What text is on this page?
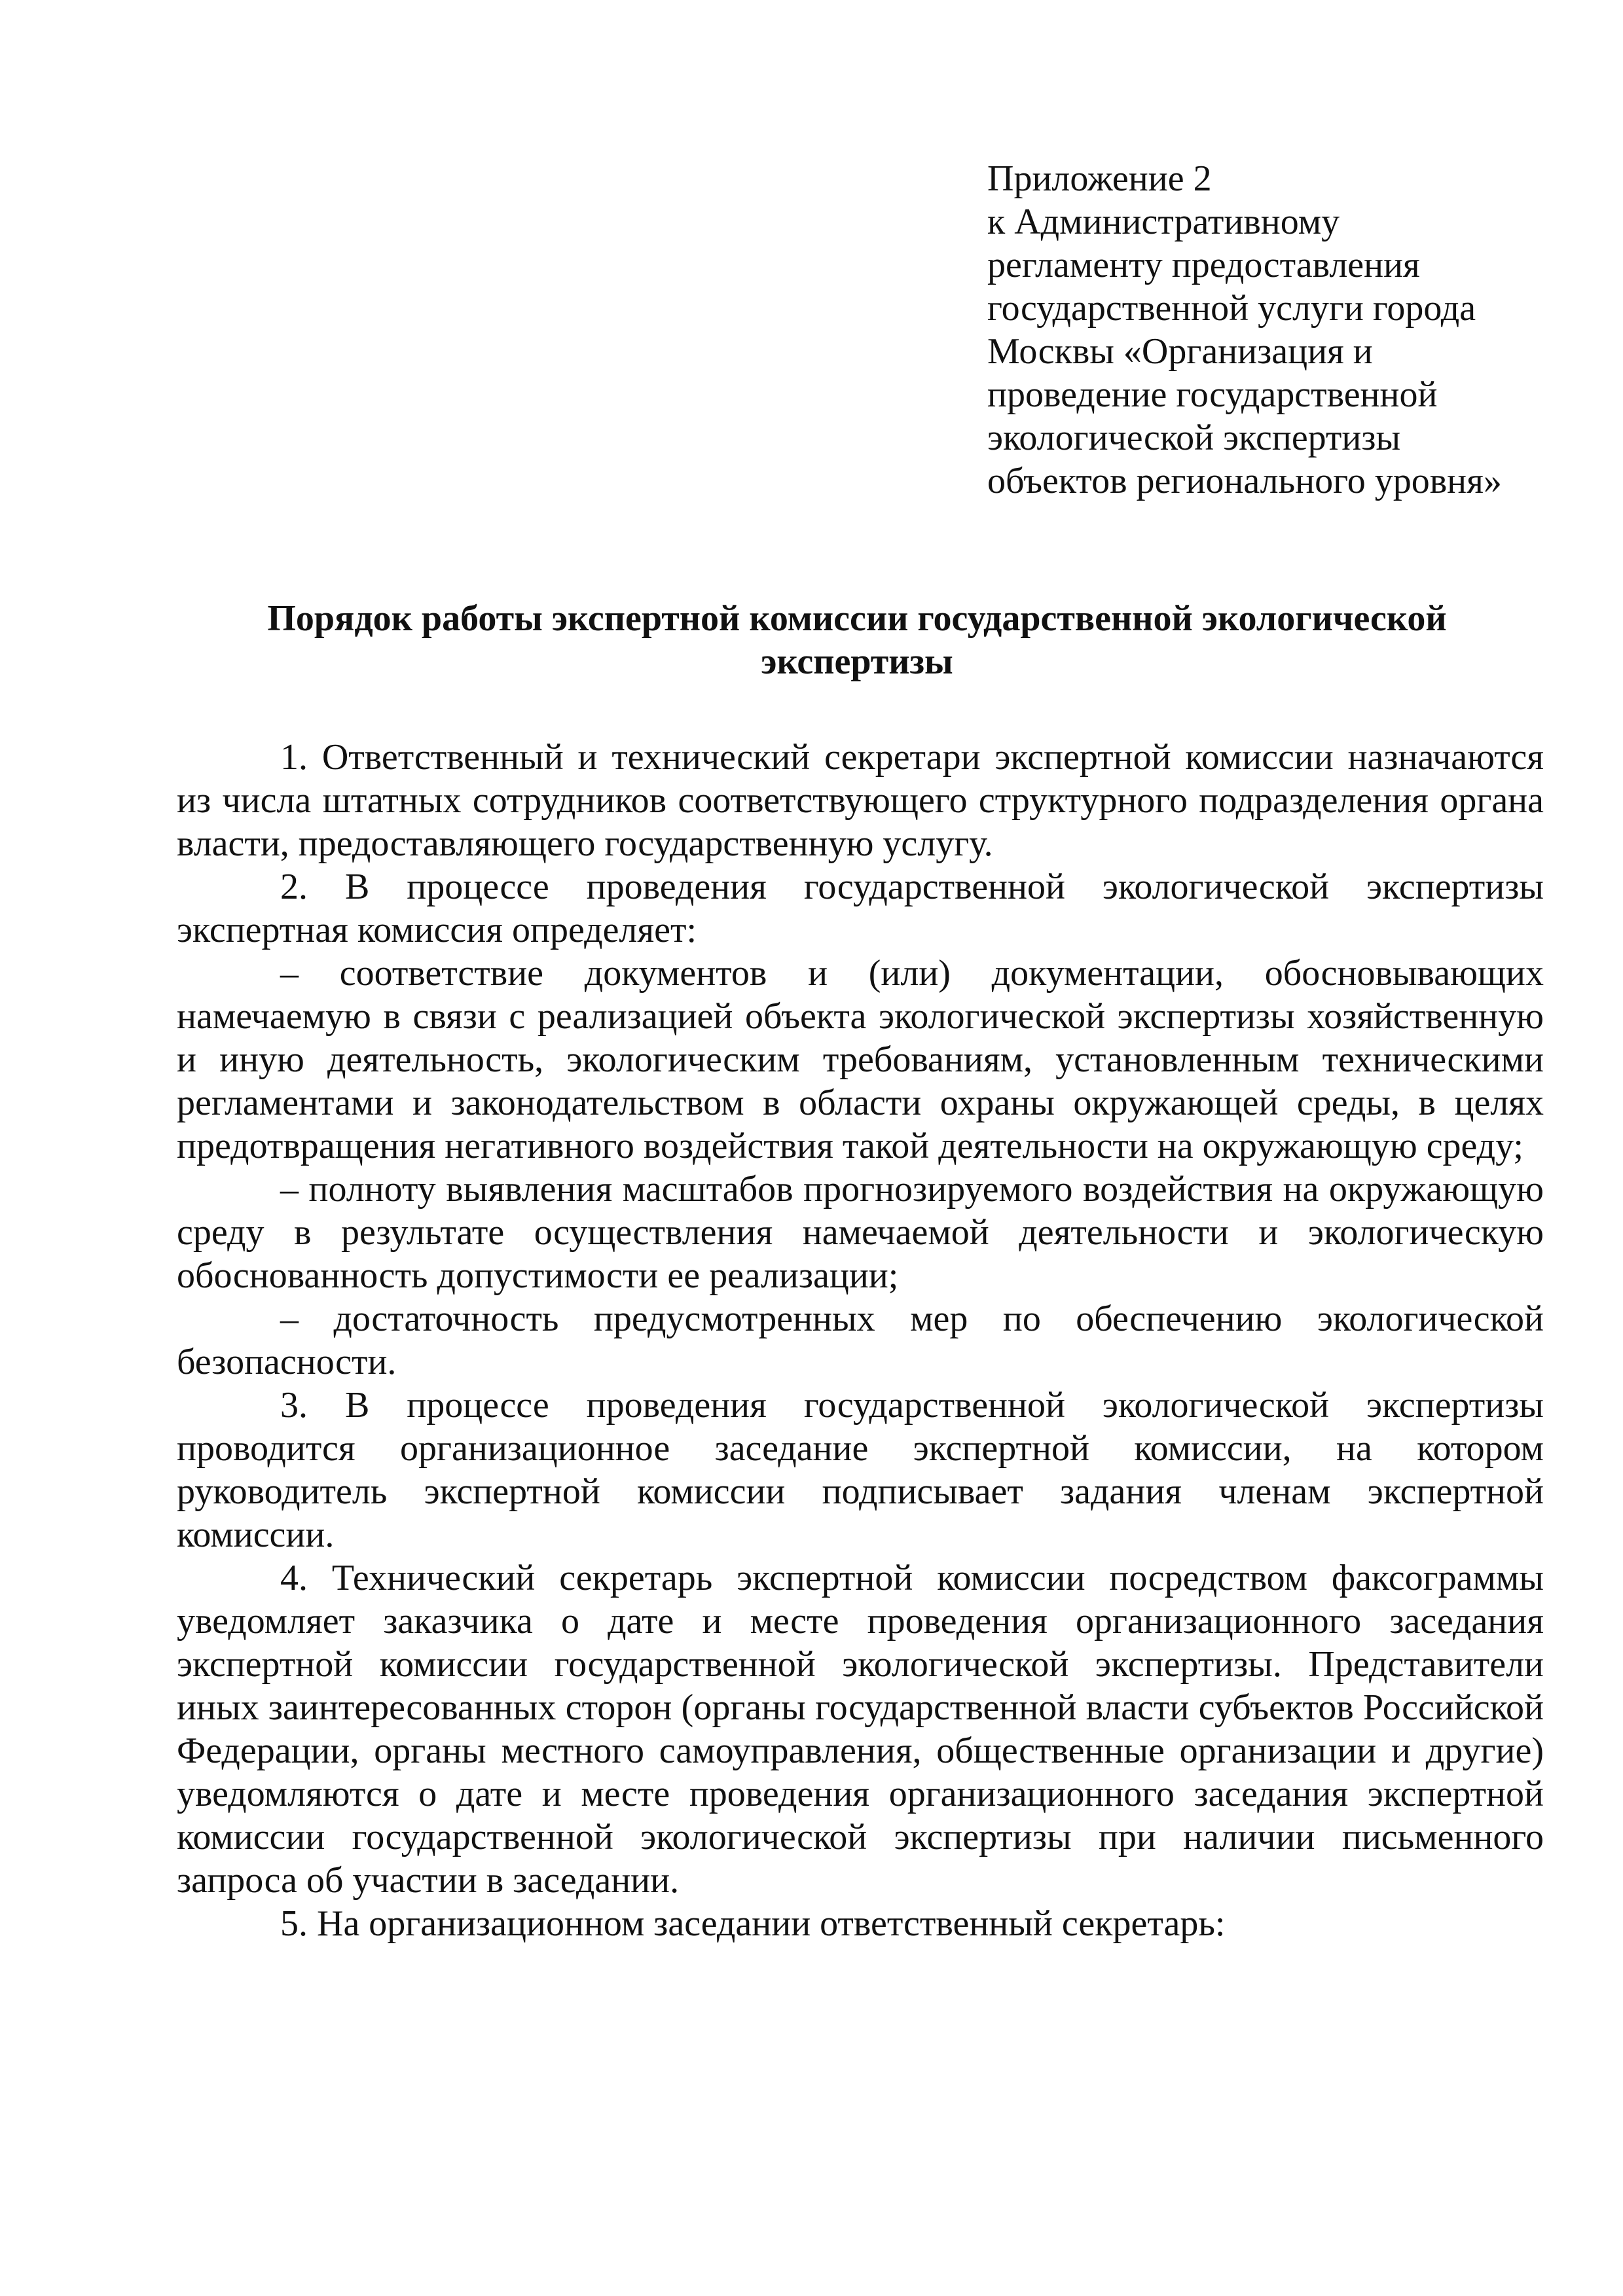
Приложение 2
к Административному
регламенту предоставления
государственной услуги города
Москвы «Организация и
проведение государственной
экологической экспертизы
объектов регионального уровня»
Порядок работы экспертной комиссии государственной экологической экспертизы

1. Ответственный и технический секретари экспертной комиссии назначаются из числа штатных сотрудников соответствующего структурного подразделения органа власти, предоставляющего государственную услугу.

2. В процессе проведения государственной экологической экспертизы экспертная комиссия определяет:

– соответствие документов и (или) документации, обосновывающих намечаемую в связи с реализацией объекта экологической экспертизы хозяйственную и иную деятельность, экологическим требованиям, установленным техническими регламентами и законодательством в области охраны окружающей среды, в целях предотвращения негативного воздействия такой деятельности на окружающую среду;

– полноту выявления масштабов прогнозируемого воздействия на окружающую среду в результате осуществления намечаемой деятельности и экологическую обоснованность допустимости ее реализации;

– достаточность предусмотренных мер по обеспечению экологической безопасности.

3. В процессе проведения государственной экологической экспертизы проводится организационное заседание экспертной комиссии, на котором руководитель экспертной комиссии подписывает задания членам экспертной комиссии.

4. Технический секретарь экспертной комиссии посредством факсограммы уведомляет заказчика о дате и месте проведения организационного заседания экспертной комиссии государственной экологической экспертизы. Представители иных заинтересованных сторон (органы государственной власти субъектов Российской Федерации, органы местного самоуправления, общественные организации и другие) уведомляются о дате и месте проведения организационного заседания экспертной комиссии государственной экологической экспертизы при наличии письменного запроса об участии в заседании.

5. На организационном заседании ответственный секретарь:
